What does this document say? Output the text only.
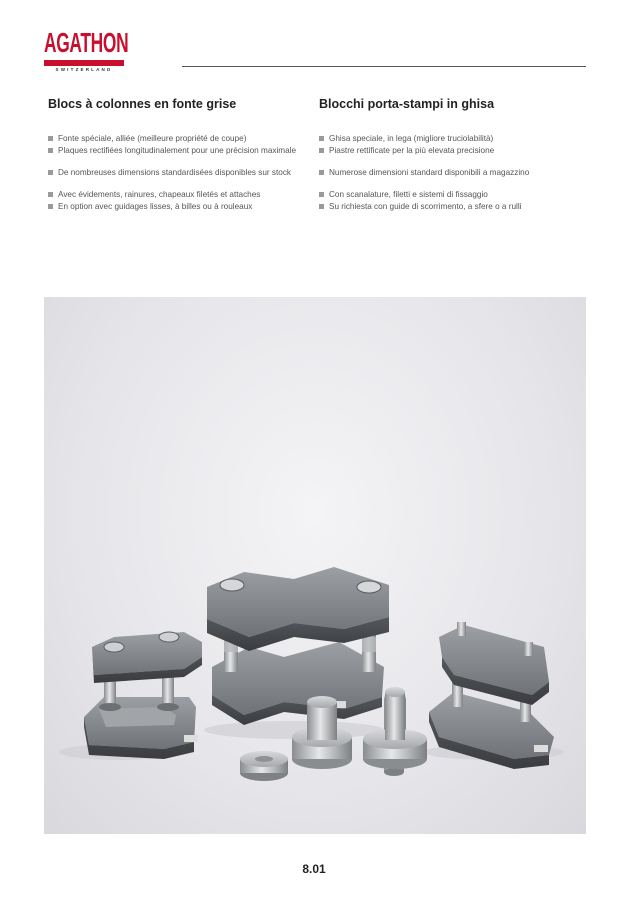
AGATHON
SWITZERLAND
Blocs à colonnes en fonte grise
Fonte spéciale, alliée (meilleure propriété de coupe)
Plaques rectifiées longitudinalement pour une précision maximale
De nombreuses dimensions standardisées disponibles sur stock
Avec évidements, rainures, chapeaux filetés et attaches
En option avec guidages lisses, à billes ou à rouleaux
Blocchi porta-stampi in ghisa
Ghisa speciale, in lega (migliore truciolabilità)
Piastre rettificate per la più elevata precisione
Numerose dimensioni standard disponibili a magazzino
Con scanalature, filetti e sistemi di fissaggio
Su richiesta con guide di scorrimento, a sfere o a rulli
8.01
